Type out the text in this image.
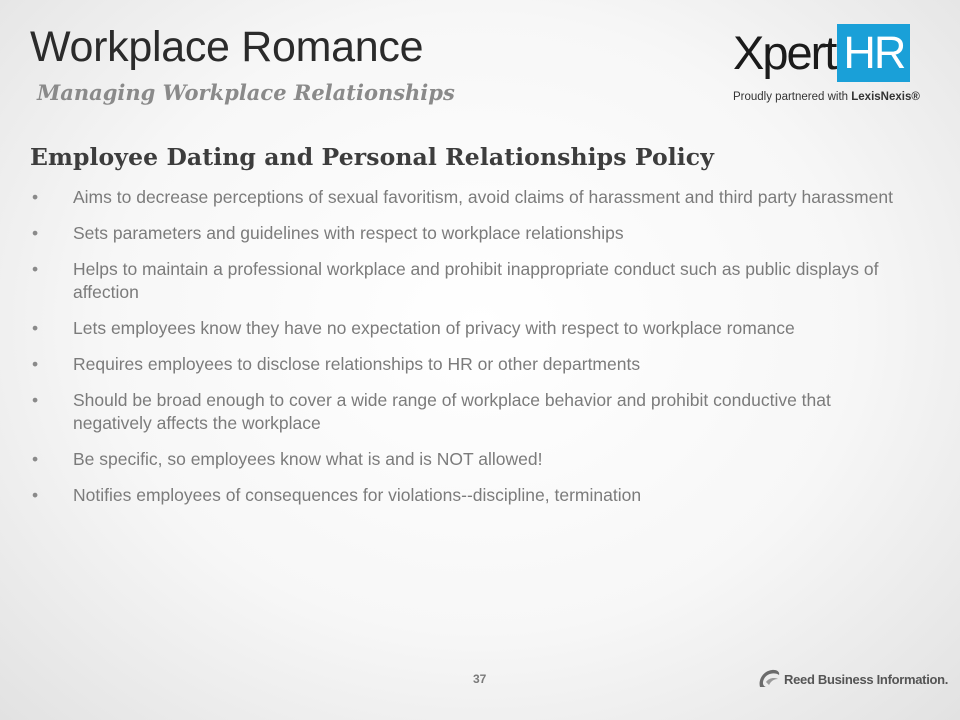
Workplace Romance
Managing Workplace Relationships
Xpert HR
Proudly partnered with LexisNexis®
Employee Dating and Personal Relationships Policy
• Aims to decrease perceptions of sexual favoritism, avoid claims of harassment and third party harassment
• Sets parameters and guidelines with respect to workplace relationships
• Helps to maintain a professional workplace and prohibit inappropriate conduct such as public displays of affection
• Lets employees know they have no expectation of privacy with respect to workplace romance
• Requires employees to disclose relationships to HR or other departments
• Should be broad enough to cover a wide range of workplace behavior and prohibit conductive that negatively affects the workplace
• Be specific, so employees know what is and is NOT allowed!
• Notifies employees of consequences for violations--discipline, termination
37	Reed Business Information.
